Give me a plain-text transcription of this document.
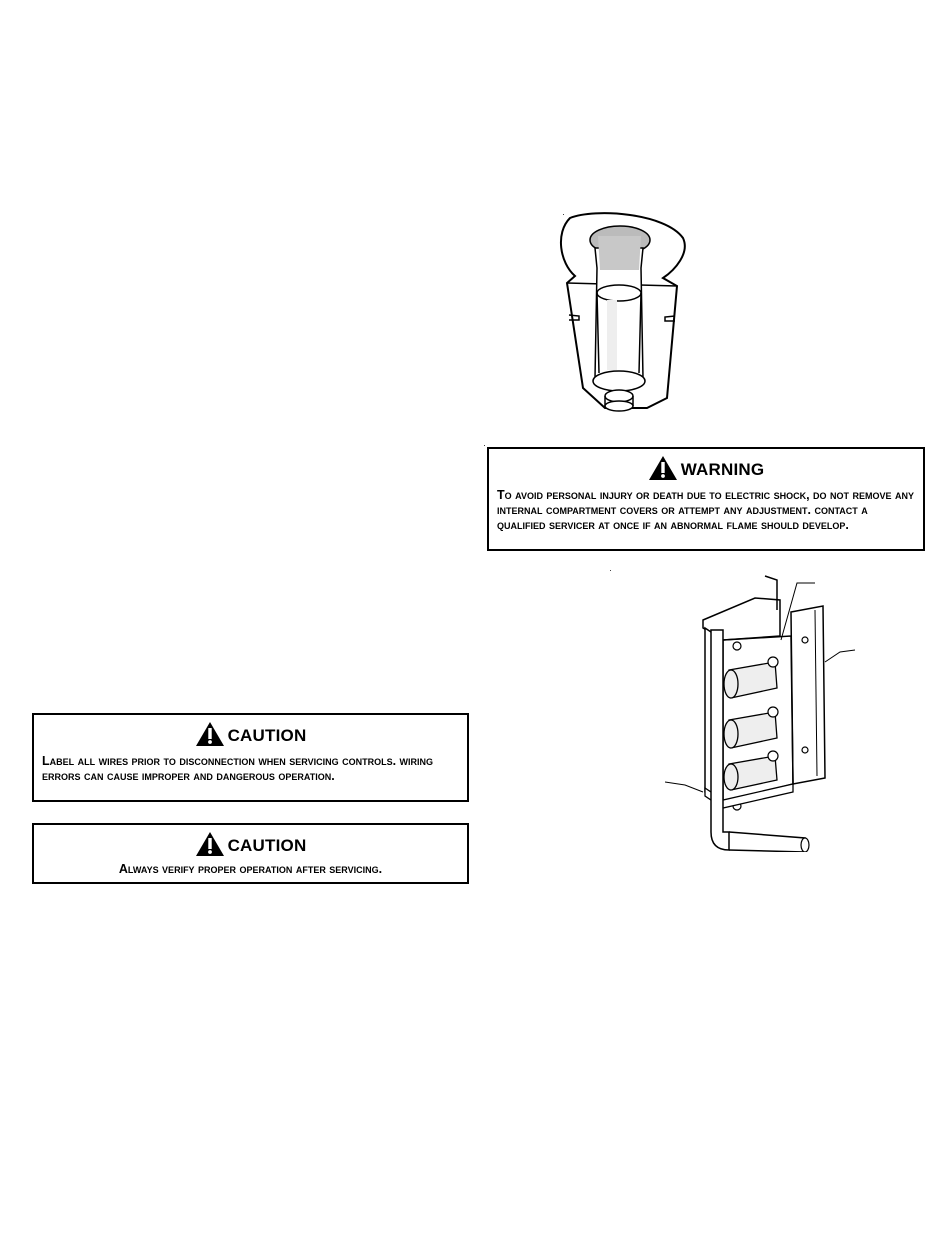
WARNING
To avoid personal injury or death due to electric shock, do not remove any internal compartment covers or attempt any adjustment. contact a qualified servicer at once if an abnormal flame should develop.
CAUTION
Label all wires prior to disconnection when servicing controls. wiring errors can cause improper and dangerous operation.
CAUTION
Always verify proper operation after servicing.
